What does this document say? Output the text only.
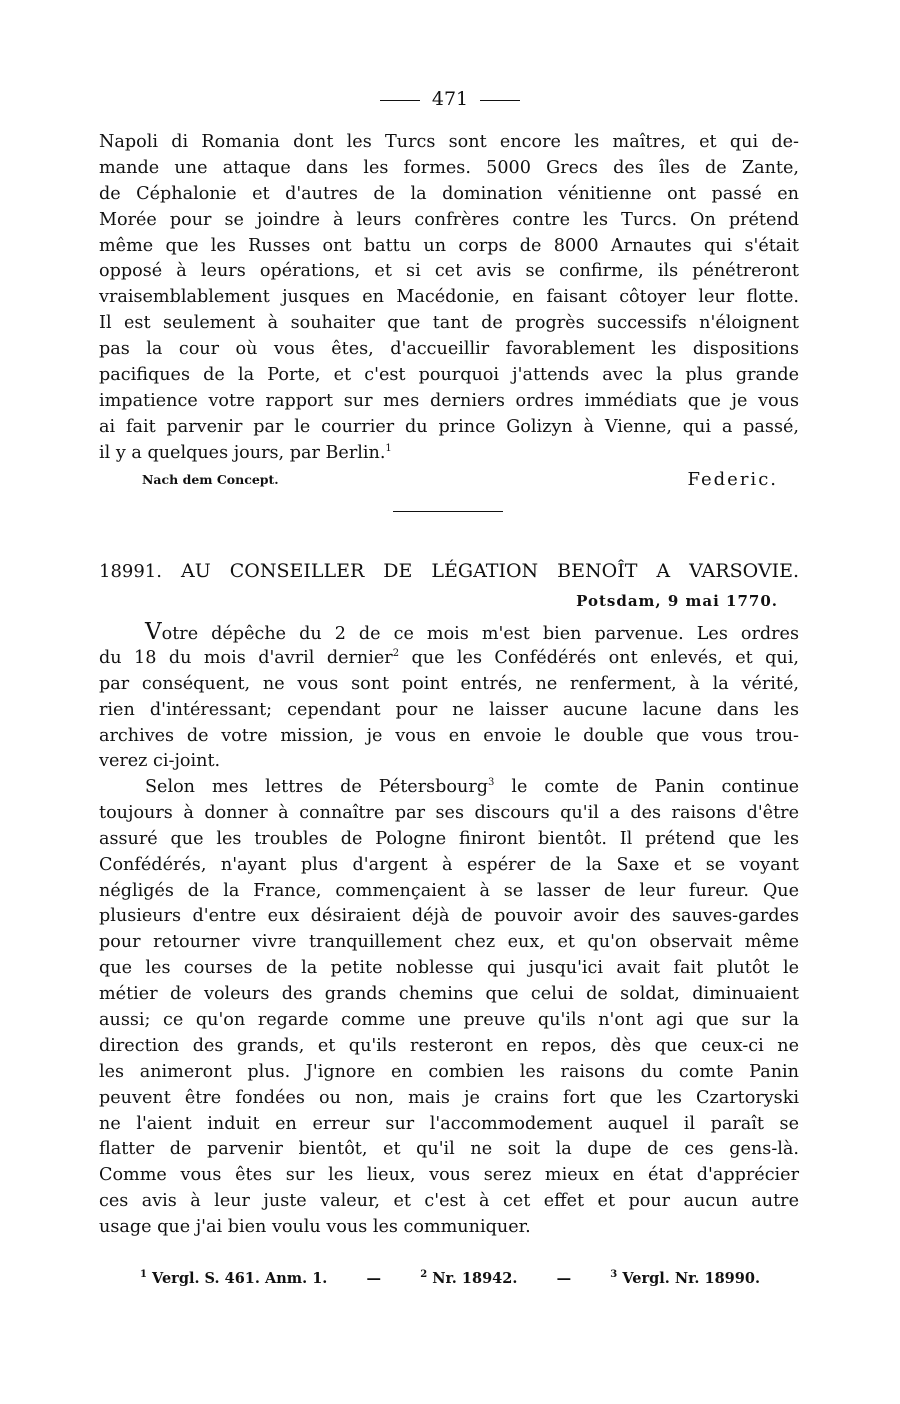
471
Napoli di Romania dont les Turcs sont encore les maîtres, et qui de-
mande une attaque dans les formes. 5000 Grecs des îles de Zante,
de Céphalonie et d'autres de la domination vénitienne ont passé en
Morée pour se joindre à leurs confrères contre les Turcs. On prétend
même que les Russes ont battu un corps de 8000 Arnautes qui s'était
opposé à leurs opérations, et si cet avis se confirme, ils pénétreront
vraisemblablement jusques en Macédonie, en faisant côtoyer leur flotte.
Il est seulement à souhaiter que tant de progrès successifs n'éloignent
pas la cour où vous êtes, d'accueillir favorablement les dispositions
pacifiques de la Porte, et c'est pourquoi j'attends avec la plus grande
impatience votre rapport sur mes derniers ordres immédiats que je vous
ai fait parvenir par le courrier du prince Golizyn à Vienne, qui a passé,
il y a quelques jours, par Berlin.$^1$
Nach dem Concept.	Federic.
18991. AU CONSEILLER DE LÉGATION BENOÎT A VARSOVIE.
Potsdam, 9 mai 1770.
Votre dépêche du 2 de ce mois m'est bien parvenue. Les ordres
du 18 du mois d'avril dernier$^2$ que les Confédérés ont enlevés, et qui,
par conséquent, ne vous sont point entrés, ne renferment, à la vérité,
rien d'intéressant; cependant pour ne laisser aucune lacune dans les
archives de votre mission, je vous en envoie le double que vous trou-
verez ci-joint.
Selon mes lettres de Pétersbourg$^3$ le comte de Panin continue
toujours à donner à connaître par ses discours qu'il a des raisons d'être
assuré que les troubles de Pologne finiront bientôt. Il prétend que les
Confédérés, n'ayant plus d'argent à espérer de la Saxe et se voyant
négligés de la France, commençaient à se lasser de leur fureur. Que
plusieurs d'entre eux désiraient déjà de pouvoir avoir des sauves-gardes
pour retourner vivre tranquillement chez eux, et qu'on observait même
que les courses de la petite noblesse qui jusqu'ici avait fait plutôt le
métier de voleurs des grands chemins que celui de soldat, diminuaient
aussi; ce qu'on regarde comme une preuve qu'ils n'ont agi que sur la
direction des grands, et qu'ils resteront en repos, dès que ceux-ci ne
les animeront plus. J'ignore en combien les raisons du comte Panin
peuvent être fondées ou non, mais je crains fort que les Czartoryski
ne l'aient induit en erreur sur l'accommodement auquel il paraît se
flatter de parvenir bientôt, et qu'il ne soit la dupe de ces gens-là.
Comme vous êtes sur les lieux, vous serez mieux en état d'apprécier
ces avis à leur juste valeur, et c'est à cet effet et pour aucun autre
usage que j'ai bien voulu vous les communiquer.
$^1$ Vergl. S. 461. Anm. 1.	—	$^2$ Nr. 18942.	—	$^3$ Vergl. Nr. 18990.
